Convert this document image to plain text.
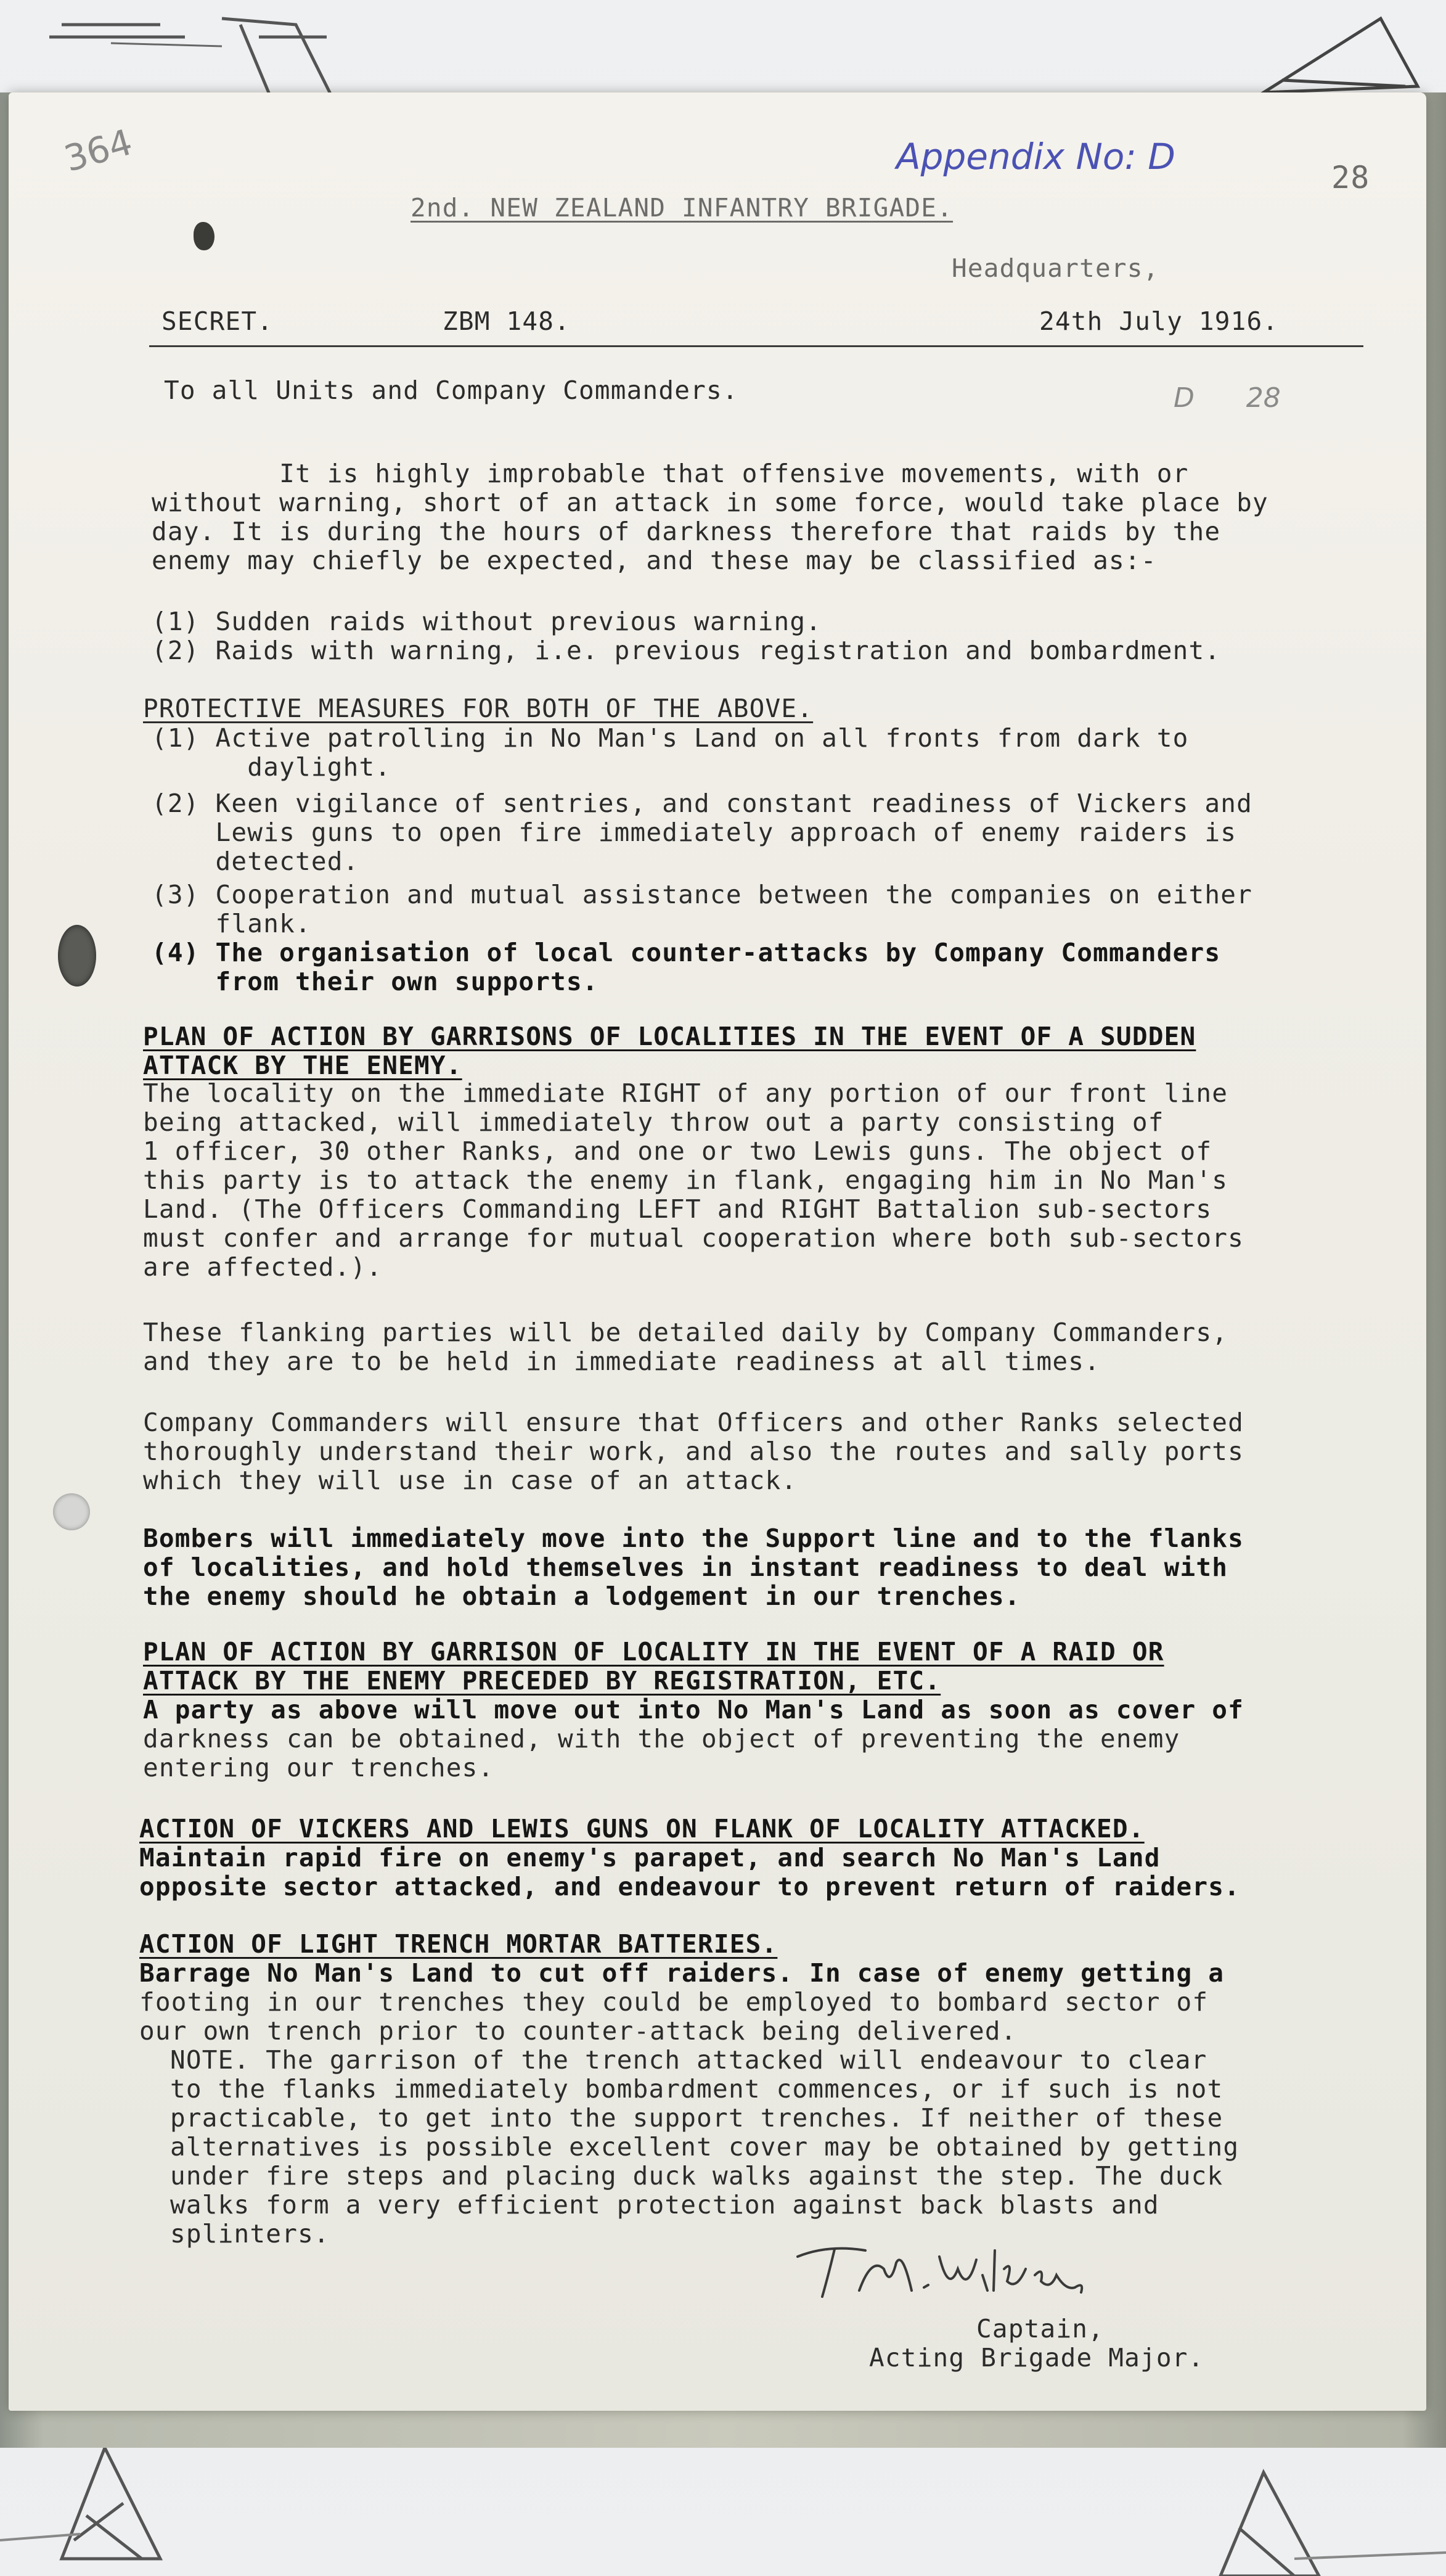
364	Appendix No: D	28
D      28
2nd. NEW ZEALAND INFANTRY BRIGADE.
Headquarters,
SECRET.	ZBM 148.	24th July 1916.
To all Units and Company Commanders.
It is highly improbable that offensive movements, with or
without warning, short of an attack in some force, would take place by
day. It is during the hours of darkness therefore that raids by the
enemy may chiefly be expected, and these may be classified as:-
(1) Sudden raids without previous warning.
(2) Raids with warning, i.e. previous registration and bombardment.
PROTECTIVE MEASURES FOR BOTH OF THE ABOVE.
(1) Active patrolling in No Man's Land on all fronts from dark to
daylight.
(2) Keen vigilance of sentries, and constant readiness of Vickers and
Lewis guns to open fire immediately approach of enemy raiders is
detected.
(3) Cooperation and mutual assistance between the companies on either
flank.
(4) The organisation of local counter-attacks by Company Commanders
from their own supports.
PLAN OF ACTION BY GARRISONS OF LOCALITIES IN THE EVENT OF A SUDDEN
ATTACK BY THE ENEMY.
The locality on the immediate RIGHT of any portion of our front line
being attacked, will immediately throw out a party consisting of
1 officer, 30 other Ranks, and one or two Lewis guns. The object of
this party is to attack the enemy in flank, engaging him in No Man's
Land. (The Officers Commanding LEFT and RIGHT Battalion sub-sectors
must confer and arrange for mutual cooperation where both sub-sectors
are affected.).
These flanking parties will be detailed daily by Company Commanders,
and they are to be held in immediate readiness at all times.
Company Commanders will ensure that Officers and other Ranks selected
thoroughly understand their work, and also the routes and sally ports
which they will use in case of an attack.
Bombers will immediately move into the Support line and to the flanks
of localities, and hold themselves in instant readiness to deal with
the enemy should he obtain a lodgement in our trenches.
PLAN OF ACTION BY GARRISON OF LOCALITY IN THE EVENT OF A RAID OR
ATTACK BY THE ENEMY PRECEDED BY REGISTRATION, ETC.
A party as above will move out into No Man's Land as soon as cover of
darkness can be obtained, with the object of preventing the enemy
entering our trenches.
ACTION OF VICKERS AND LEWIS GUNS ON FLANK OF LOCALITY ATTACKED.
Maintain rapid fire on enemy's parapet, and search No Man's Land
opposite sector attacked, and endeavour to prevent return of raiders.
ACTION OF LIGHT TRENCH MORTAR BATTERIES.
Barrage No Man's Land to cut off raiders. In case of enemy getting a
footing in our trenches they could be employed to bombard sector of
our own trench prior to counter-attack being delivered.
NOTE. The garrison of the trench attacked will endeavour to clear
to the flanks immediately bombardment commences, or if such is not
practicable, to get into the support trenches. If neither of these
alternatives is possible excellent cover may be obtained by getting
under fire steps and placing duck walks against the step. The duck
walks form a very efficient protection against back blasts and
splinters.
Captain,
Acting Brigade Major.
